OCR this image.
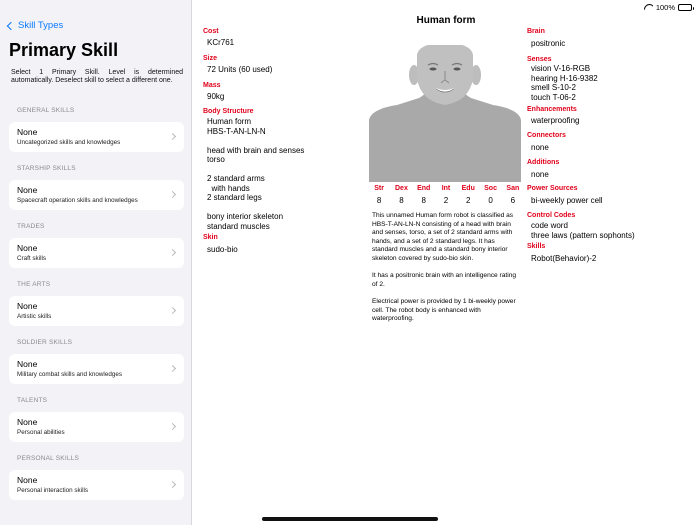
100%
Skill Types
Primary Skill
Select 1 Primary Skill. Level is determined automatically. Deselect skill to select a different one.
GENERAL SKILLS
None
Uncategorized skills and knowledges
STARSHIP SKILLS
None
Spacecraft operation skills and knowledges
TRADES
None
Craft skills
THE ARTS
None
Artistic skills
SOLDIER SKILLS
None
Military combat skills and knowledges
TALENTS
None
Personal abilities
PERSONAL SKILLS
None
Personal interaction skills
Human form
Cost
KCr761
Size
72 Units (60 used)
Mass
90kg
Body Structure
Human form
HBS-T-AN-LN-N

head with brain and senses
torso

2 standard arms
with hands
2 standard legs

bony interior skeleton
standard muscles
Skin
sudo-bio
Str	Dex	End	Int	Edu	Soc	San
8	8	8	2	2	0	6

This unnamed Human form robot is classified as HBS-T-AN-LN-N consisting of a head with brain and senses, torso, a set of 2 standard arms with hands, and a set of 2 standard legs. It has standard muscles and a standard bony interior skeleton covered by sudo-bio skin.

It has a positronic brain with an intelligence rating of 2.

Electrical power is provided by 1 bi-weekly power cell. The robot body is enhanced with waterproofing.

Brain
positronic
Senses
vision V-16-RGB
hearing H-16-9382
smell S-10-2
touch T-06-2
Enhancements
waterproofing
Connectors
none
Additions
none
Power Sources
bi-weekly power cell
Control Codes
code word
three laws (pattern sophonts)
Skills
Robot(Behavior)-2
